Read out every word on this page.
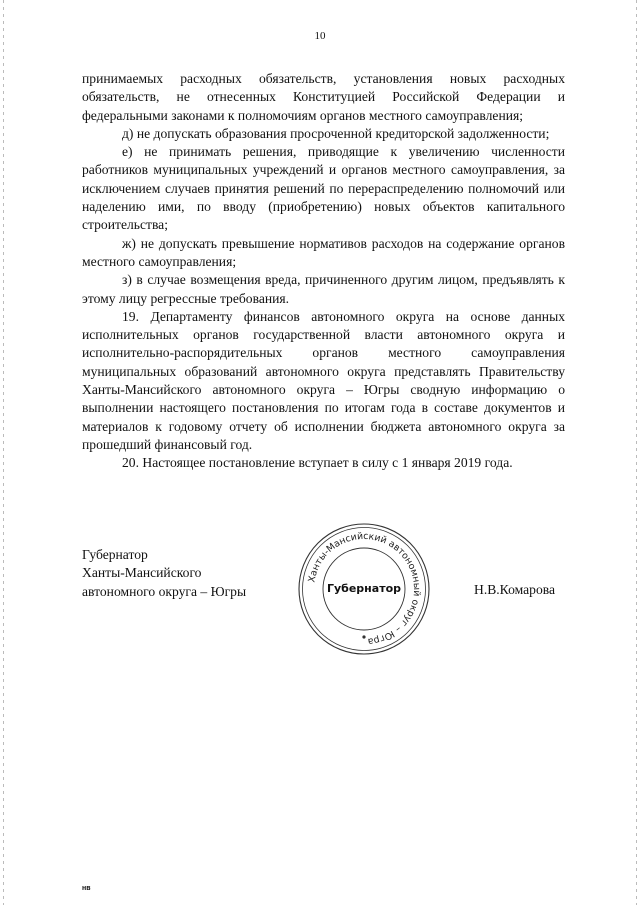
10

принимаемых расходных обязательств, установления новых расходных обязательств, не отнесенных Конституцией Российской Федерации и федеральными законами к полномочиям органов местного самоуправления;

д) не допускать образования просроченной кредиторской задолженности;

е) не принимать решения, приводящие к увеличению численности работников муниципальных учреждений и органов местного самоуправления, за исключением случаев принятия решений по перераспределению полномочий или наделению ими, по вводу (приобретению) новых объектов капитального строительства;

ж) не допускать превышение нормативов расходов на содержание органов местного самоуправления;

з) в случае возмещения вреда, причиненного другим лицом, предъявлять к этому лицу регрессные требования.

19. Департаменту финансов автономного округа на основе данных исполнительных органов государственной власти автономного округа и исполнительно-распорядительных органов местного самоуправления муниципальных образований автономного округа представлять Правительству Ханты-Мансийского автономного округа – Югры сводную информацию о выполнении настоящего постановления по итогам года в составе документов и материалов к годовому отчету об исполнении бюджета автономного округа за прошедший финансовый год.

20. Настоящее постановление вступает в силу с 1 января 2019 года.

Губернатор
Ханты-Мансийского
автономного округа – Югры
Ханты-Мансийский автономный округ – Югра
Губернатор	Н.В.Комарова
нв
